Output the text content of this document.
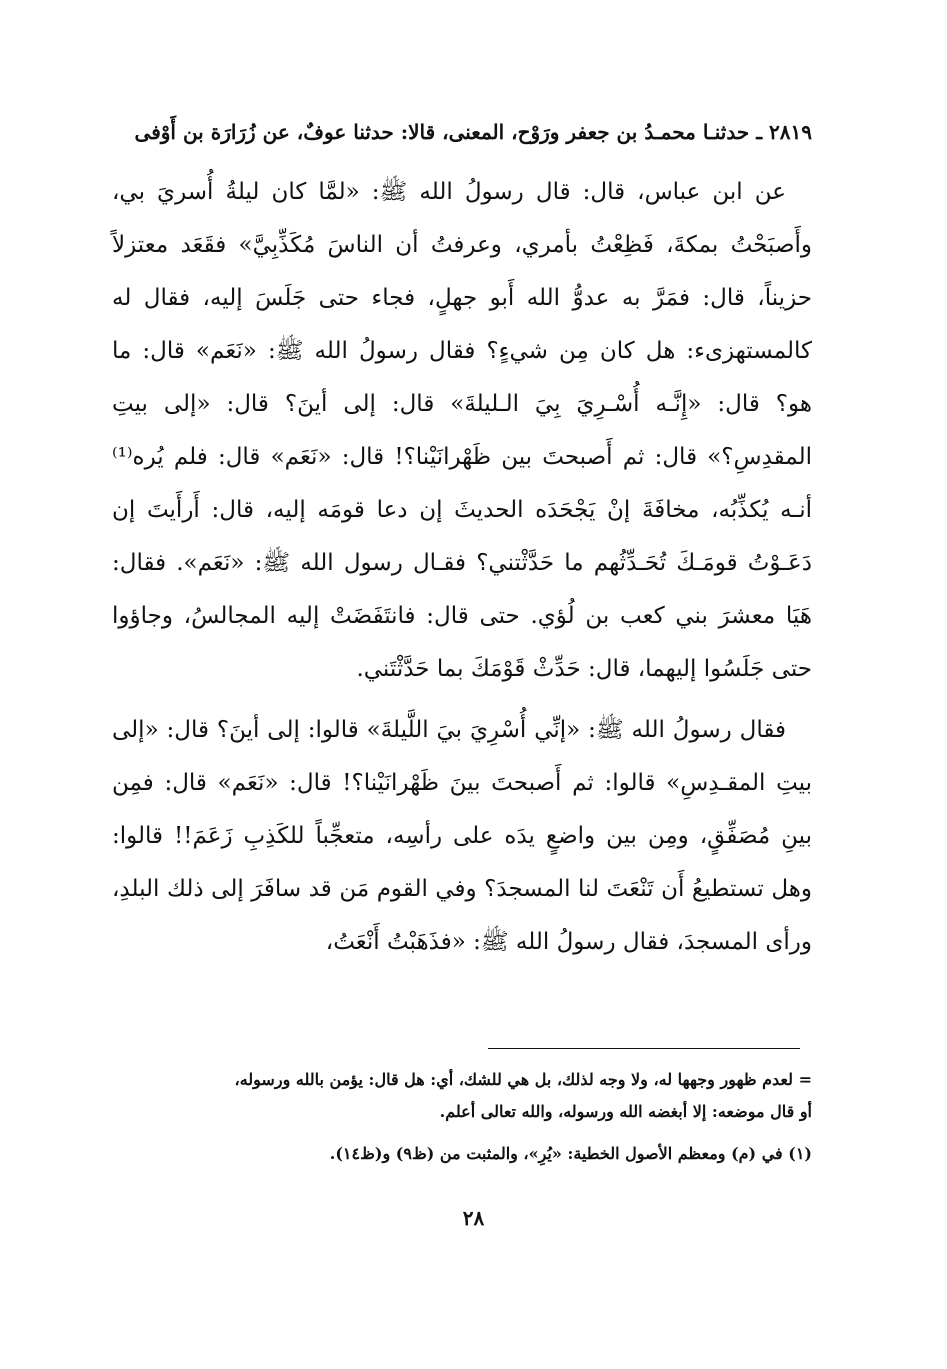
٢٨١٩ ـ حدثنـا محمـدُ بن جعفر ورَوْح، المعنى، قالا: حدثنا عوفٌ، عن زُرَارَة بن أَوْفى

عن ابن عباس، قال: قال رسولُ الله ﷺ: «لمَّا كان ليلةُ أُسريَ بي، وأَصبَحْتُ بمكةَ، فَظِعْتُ بأمري، وعرفتُ أن الناسَ مُكَذِّبِيَّ» فقَعَد معتزلاً حزيناً، قال: فمَرَّ به عدوُّ الله أَبو جهلٍ، فجاء حتى جَلَسَ إليه، فقال له كالمستهزىء: هل كان مِن شيءٍ؟ فقال رسولُ الله ﷺ: «نَعَم» قال: ما هو؟ قال: «إِنَّـه أُسْـرِيَ بِيَ الـليلةَ» قال: إلى أينَ؟ قال: «إلى بيتِ المقدِسِ؟» قال: ثم أَصبحتَ بين ظَهْرانَيْنا؟! قال: «نَعَم» قال: فلم يُره⁽¹⁾ أنـه يُكذِّبُه، مخافَةَ إنْ يَجْحَدَه الحديثَ إن دعا قومَه إليه، قال: أَرأَيتَ إن دَعَـوْتُ قومَـكَ تُحَـدِّثُهم ما حَدَّثْتني؟ فقـال رسول الله ﷺ: «نَعَم». فقال: هَيَا معشرَ بني كعب بن لُؤي. حتى قال: فانتَفَضَتْ إليه المجالسُ، وجاؤوا حتى جَلَسُوا إليهما، قال: حَدِّثْ قَوْمَكَ بما حَدَّثْتَني.

فقال رسولُ الله ﷺ: «إنِّي أُسْرِيَ بيَ اللَّيلةَ» قالوا: إلى أينَ؟ قال: «إلى بيتِ المقـدِسِ» قالوا: ثم أَصبحتَ بينَ ظَهْرانَيْنا؟! قال: «نَعَم» قال: فمِن بينِ مُصَفِّقٍ، ومِن بين واضعٍ يدَه على رأسِه، متعجِّباً للكَذِبِ زَعَمَ!! قالوا: وهل تستطيعُ أَن تَنْعَتَ لنا المسجدَ؟ وفي القوم مَن قد سافَرَ إلى ذلك البلدِ، ورأى المسجدَ، فقال رسولُ الله ﷺ: «فذَهَبْتُ أَنْعَتُ،

= لعدم ظهور وجهها له، ولا وجه لذلك، بل هي للشك، أي: هل قال: يؤمن بالله ورسوله،

أو قال موضعه: إلا أبغضه الله ورسوله، والله تعالى أعلم.

(١) في (م) ومعظم الأصول الخطية: «يُرِ»، والمثبت من (ظ٩) و(ظ١٤).

٢٨
